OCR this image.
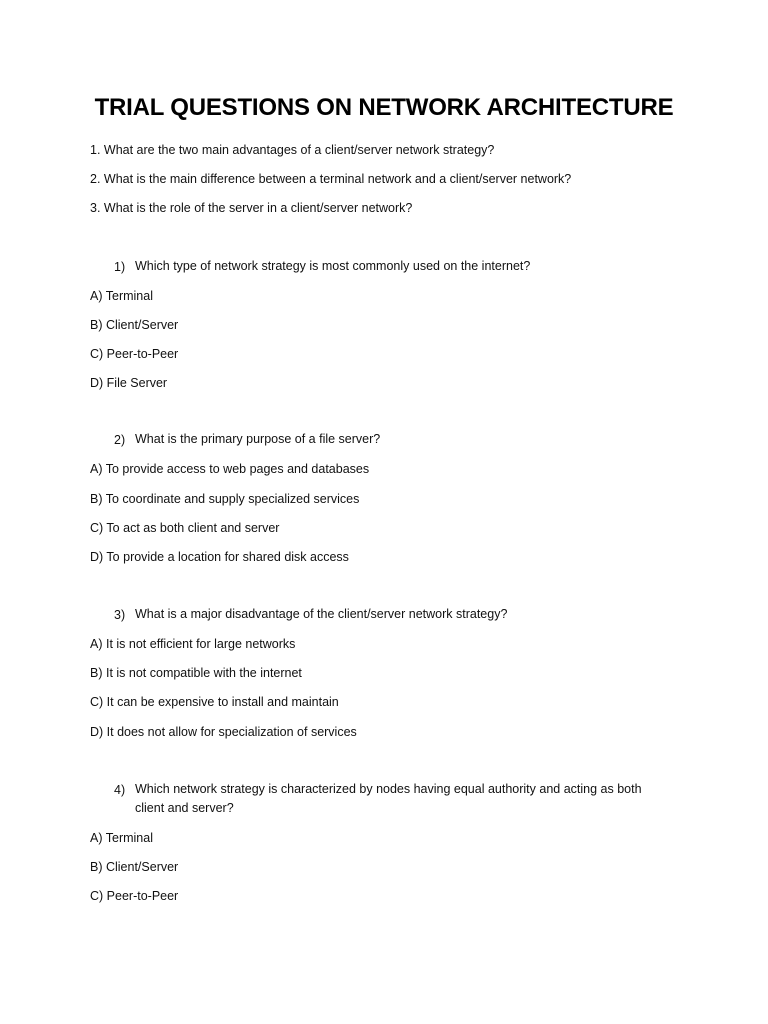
TRIAL QUESTIONS ON NETWORK ARCHITECTURE
1. What are the two main advantages of a client/server network strategy?
2. What is the main difference between a terminal network and a client/server network?
3. What is the role of the server in a client/server network?
1) Which type of network strategy is most commonly used on the internet?
A) Terminal
B) Client/Server
C) Peer-to-Peer
D) File Server
2) What is the primary purpose of a file server?
A) To provide access to web pages and databases
B) To coordinate and supply specialized services
C) To act as both client and server
D) To provide a location for shared disk access
3) What is a major disadvantage of the client/server network strategy?
A) It is not efficient for large networks
B) It is not compatible with the internet
C) It can be expensive to install and maintain
D) It does not allow for specialization of services
4) Which network strategy is characterized by nodes having equal authority and acting as both client and server?
A) Terminal
B) Client/Server
C) Peer-to-Peer
